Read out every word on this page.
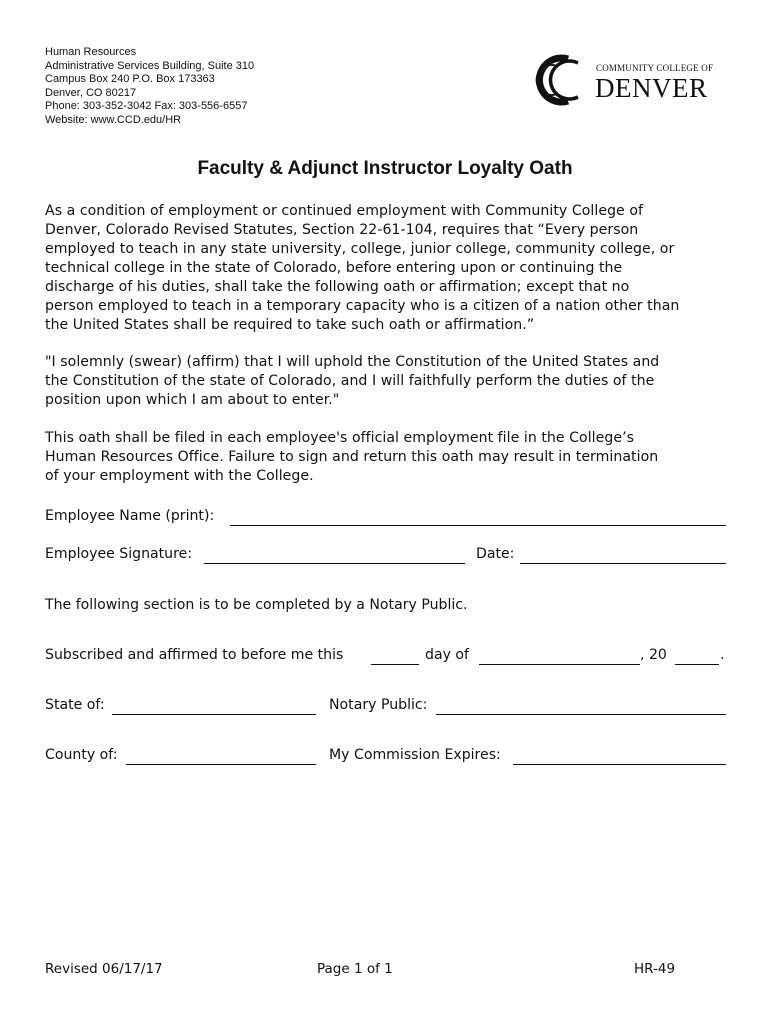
Human Resources
Administrative Services Building, Suite 310
Campus Box 240 P.O. Box 173363
Denver, CO 80217
Phone: 303-352-3042 Fax: 303-556-6557
Website: www.CCD.edu/HR
COMMUNITY COLLEGE OF
DENVER
Faculty & Adjunct Instructor Loyalty Oath
As a condition of employment or continued employment with Community College of
Denver, Colorado Revised Statutes, Section 22-61-104, requires that “Every person
employed to teach in any state university, college, junior college, community college, or
technical college in the state of Colorado, before entering upon or continuing the
discharge of his duties, shall take the following oath or affirmation; except that no
person employed to teach in a temporary capacity who is a citizen of a nation other than
the United States shall be required to take such oath or affirmation.”
"I solemnly (swear) (affirm) that I will uphold the Constitution of the United States and
the Constitution of the state of Colorado, and I will faithfully perform the duties of the
position upon which I am about to enter."
This oath shall be filed in each employee's official employment file in the College’s
Human Resources Office. Failure to sign and return this oath may result in termination
of your employment with the College.
Employee Name (print):
Employee Signature:	Date:
The following section is to be completed by a Notary Public.
Subscribed and affirmed to before me this	day of	, 20	.
State of:	Notary Public:
County of:	My Commission Expires:
Revised 06/17/17	Page 1 of 1	HR-49
